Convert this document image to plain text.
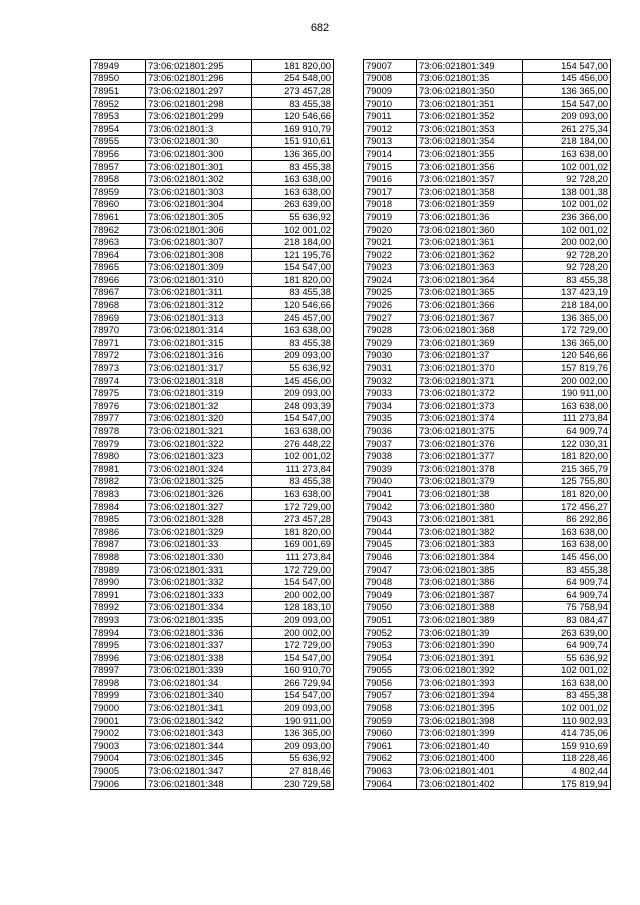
682
78949	73:06:021801:295	181 820,00
78950	73:06:021801:296	254 548,00
78951	73:06:021801:297	273 457,28
78952	73:06:021801:298	83 455,38
78953	73:06:021801:299	120 546,66
78954	73:06:021801:3	169 910,79
78955	73:06:021801:30	151 910,61
78956	73:06:021801:300	136 365,00
78957	73:06:021801:301	83 455,38
78958	73:06:021801:302	163 638,00
78959	73:06:021801:303	163 638,00
78960	73:06:021801:304	263 639,00
78961	73:06:021801:305	55 636,92
78962	73:06:021801:306	102 001,02
78963	73:06:021801:307	218 184,00
78964	73:06:021801:308	121 195,76
78965	73:06:021801:309	154 547,00
78966	73:06:021801:310	181 820,00
78967	73:06:021801:311	83 455,38
78968	73:06:021801:312	120 546,66
78969	73:06:021801:313	245 457,00
78970	73:06:021801:314	163 638,00
78971	73:06:021801:315	83 455,38
78972	73:06:021801:316	209 093,00
78973	73:06:021801:317	55 636,92
78974	73:06:021801:318	145 456,00
78975	73:06:021801:319	209 093,00
78976	73:06:021801:32	248 093,39
78977	73:06:021801:320	154 547,00
78978	73:06:021801:321	163 638,00
78979	73:06:021801:322	276 448,22
78980	73:06:021801:323	102 001,02
78981	73:06:021801:324	111 273,84
78982	73:06:021801:325	83 455,38
78983	73:06:021801:326	163 638,00
78984	73:06:021801:327	172 729,00
78985	73:06:021801:328	273 457,28
78986	73:06:021801:329	181 820,00
78987	73:06:021801:33	169 001,69
78988	73:06:021801:330	111 273,84
78989	73:06:021801:331	172 729,00
78990	73:06:021801:332	154 547,00
78991	73:06:021801:333	200 002,00
78992	73:06:021801:334	128 183,10
78993	73:06:021801:335	209 093,00
78994	73:06:021801:336	200 002,00
78995	73:06:021801:337	172 729,00
78996	73:06:021801:338	154 547,00
78997	73:06:021801:339	160 910,70
78998	73:06:021801:34	266 729,94
78999	73:06:021801:340	154 547,00
79000	73:06:021801:341	209 093,00
79001	73:06:021801:342	190 911,00
79002	73:06:021801:343	136 365,00
79003	73:06:021801:344	209 093,00
79004	73:06:021801:345	55 636,92
79005	73:06:021801:347	27 818,46
79006	73:06:021801:348	230 729,58
79007	73:06:021801:349	154 547,00
79008	73:06:021801:35	145 456,00
79009	73:06:021801:350	136 365,00
79010	73:06:021801:351	154 547,00
79011	73:06:021801:352	209 093,00
79012	73:06:021801:353	261 275,34
79013	73:06:021801:354	218 184,00
79014	73:06:021801:355	163 638,00
79015	73:06:021801:356	102 001,02
79016	73:06:021801:357	92 728,20
79017	73:06:021801:358	138 001,38
79018	73:06:021801:359	102 001,02
79019	73:06:021801:36	236 366,00
79020	73:06:021801:360	102 001,02
79021	73:06:021801:361	200 002,00
79022	73:06:021801:362	92 728,20
79023	73:06:021801:363	92 728,20
79024	73:06:021801:364	83 455,38
79025	73:06:021801:365	137 423,19
79026	73:06:021801:366	218 184,00
79027	73:06:021801:367	136 365,00
79028	73:06:021801:368	172 729,00
79029	73:06:021801:369	136 365,00
79030	73:06:021801:37	120 546,66
79031	73:06:021801:370	157 819,76
79032	73:06:021801:371	200 002,00
79033	73:06:021801:372	190 911,00
79034	73:06:021801:373	163 638,00
79035	73:06:021801:374	111 273,84
79036	73:06:021801:375	64 909,74
79037	73:06:021801:376	122 030,31
79038	73:06:021801:377	181 820,00
79039	73:06:021801:378	215 365,79
79040	73:06:021801:379	125 755,80
79041	73:06:021801:38	181 820,00
79042	73:06:021801:380	172 456,27
79043	73:06:021801:381	86 292,86
79044	73:06:021801:382	163 638,00
79045	73:06:021801:383	163 638,00
79046	73:06:021801:384	145 456,00
79047	73:06:021801:385	83 455,38
79048	73:06:021801:386	64 909,74
79049	73:06:021801:387	64 909,74
79050	73:06:021801:388	75 758,94
79051	73:06:021801:389	83 084,47
79052	73:06:021801:39	263 639,00
79053	73:06:021801:390	64 909,74
79054	73:06:021801:391	55 636,92
79055	73:06:021801:392	102 001,02
79056	73:06:021801:393	163 638,00
79057	73:06:021801:394	83 455,38
79058	73:06:021801:395	102 001,02
79059	73:06:021801:398	110 902,93
79060	73:06:021801:399	414 735,06
79061	73:06:021801:40	159 910,69
79062	73:06:021801:400	118 228,46
79063	73:06:021801:401	4 802,44
79064	73:06:021801:402	175 819,94
